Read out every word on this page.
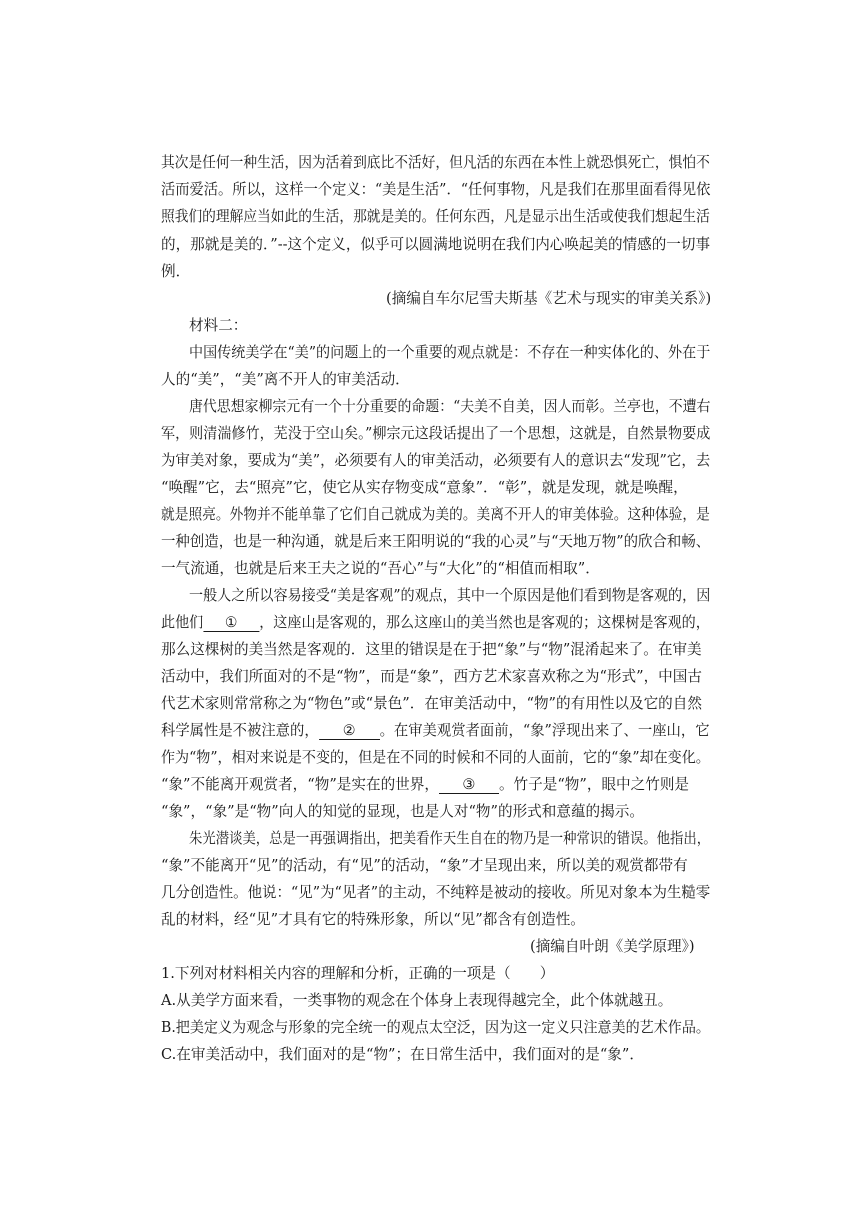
其次是任何一种生活，因为活着到底比不活好，但凡活的东西在本性上就恐惧死亡，惧怕不
活而爱活。所以，这样一个定义：“美是生活”．“任何事物，凡是我们在那里面看得见依
照我们的理解应当如此的生活，那就是美的。任何东西，凡是显示出生活或使我们想起生活
的，那就是美的．”--这个定义，似乎可以圆满地说明在我们内心唤起美的情感的一切事
例．
(摘编自车尔尼雪夫斯基《艺术与现实的审美关系》)
材料二：
中国传统美学在“美”的问题上的一个重要的观点就是：不存在一种实体化的、外在于
人的“美”，“美”离不开人的审美活动．
唐代思想家柳宗元有一个十分重要的命题：“夫美不自美，因人而彰。兰亭也，不遭右
军，则清湍修竹，芜没于空山矣。”柳宗元这段话提出了一个思想，这就是，自然景物要成
为审美对象，要成为“美”，必须要有人的审美活动，必须要有人的意识去“发现”它，去
“唤醒”它，去“照亮”它，使它从实存物变成“意象”．“彰”，就是发现，就是唤醒，
就是照亮。外物并不能单靠了它们自己就成为美的。美离不开人的审美体验。这种体验，是
一种创造，也是一种沟通，就是后来王阳明说的“我的心灵”与“天地万物”的欣合和畅、
一气流通，也就是后来王夫之说的“吾心”与“大化”的“相值而相取”．
一般人之所以容易接受“美是客观”的观点，其中一个原因是他们看到物是客观的，因
此他们 ① ，这座山是客观的，那么这座山的美当然也是客观的；这棵树是客观的，
那么这棵树的美当然是客观的．这里的错误是在于把“象”与“物”混淆起来了。在审美
活动中，我们所面对的不是“物”，而是“象”，西方艺术家喜欢称之为“形式”，中国古
代艺术家则常常称之为“物色”或“景色”．在审美活动中，“物”的有用性以及它的自然
科学属性是不被注意的， ② 。在审美观赏者面前，“象”浮现出来了、一座山，它
作为“物”，相对来说是不变的，但是在不同的时候和不同的人面前，它的“象”却在变化。
“象”不能离开观赏者，“物”是实在的世界， ③ 。竹子是“物”，眼中之竹则是
“象”，“象”是“物”向人的知觉的显现，也是人对“物”的形式和意蕴的揭示。
朱光潜谈美，总是一再强调指出，把美看作天生自在的物乃是一种常识的错误。他指出，
“象”不能离开“见”的活动，有“见”的活动，“象”才呈现出来，所以美的观赏都带有
几分创造性。他说：“见”为“见者”的主动，不纯粹是被动的接收。所见对象本为生糙零
乱的材料，经“见”才具有它的特殊形象，所以“见”都含有创造性。
(摘编自叶朗《美学原理》)
1.下列对材料相关内容的理解和分析，正确的一项是（　　）
A.从美学方面来看，一类事物的观念在个体身上表现得越完全，此个体就越丑。
B.把美定义为观念与形象的完全统一的观点太空泛，因为这一定义只注意美的艺术作品。
C.在审美活动中，我们面对的是“物”；在日常生活中，我们面对的是“象”．
